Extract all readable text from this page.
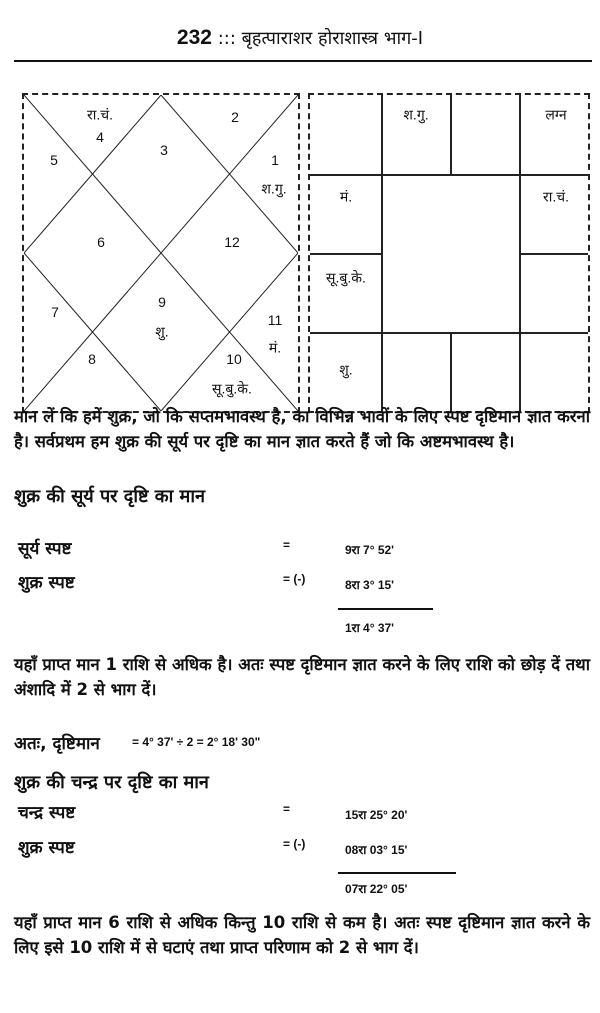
232 ::: बृहत्पाराशर होराशास्त्र भाग-I
रा.चं.
4
2
5
3
1
श.गु.
6	12
7
9
शु.
11
मं.
8	10
सू.बु.के.
श.गु.	लग्न
मं.	रा.चं.
सू.बु.के.
शु.
मान लें कि हमें शुक्र, जो कि सप्तमभावस्थ है, का विभिन्न भावों के लिए स्पष्ट दृष्टिमान ज्ञात करना है। सर्वप्रथम हम शुक्र की सूर्य पर दृष्टि का मान ज्ञात करते हैं जो कि अष्टमभावस्थ है।
शुक्र की सूर्य पर दृष्टि का मान
सूर्य स्पष्ट	=	9रा 7° 52'
शुक्र स्पष्ट	= (-)	8रा 3° 15'
1रा 4° 37'
यहाँ प्राप्त मान 1 राशि से अधिक है। अतः स्पष्ट दृष्टिमान ज्ञात करने के लिए राशि को छोड़ दें तथा अंशादि में 2 से भाग दें।
अतः, दृष्टिमान	= 4° 37' ÷ 2 = 2° 18' 30"
शुक्र की चन्द्र पर दृष्टि का मान
चन्द्र स्पष्ट	=	15रा 25° 20'
शुक्र स्पष्ट	= (-)	08रा 03° 15'
07रा 22° 05'
यहाँ प्राप्त मान 6 राशि से अधिक किन्तु 10 राशि से कम है। अतः स्पष्ट दृष्टिमान ज्ञात करने के लिए इसे 10 राशि में से घटाएं तथा प्राप्त परिणाम को 2 से भाग दें।
